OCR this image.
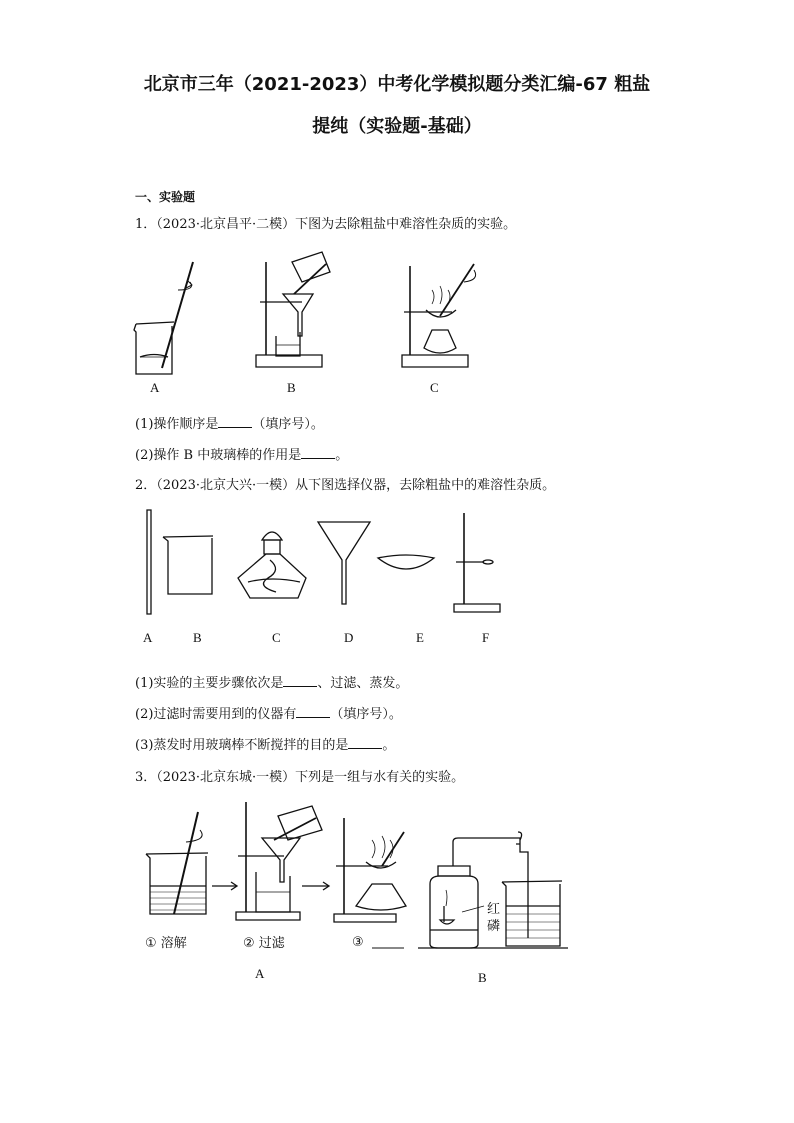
北京市三年（2021-2023）中考化学模拟题分类汇编-67 粗盐
提纯（实验题-基础）
一、实验题
1．（2023·北京昌平·二模）下图为去除粗盐中难溶性杂质的实验。
A	B	C
(1)操作顺序是	（填序号）。
(2)操作 B 中玻璃棒的作用是	。
2．（2023·北京大兴·一模）从下图选择仪器，去除粗盐中的难溶性杂质。
A	B	C	D	E	F
(1)实验的主要步骤依次是	、过滤、蒸发。
(2)过滤时需要用到的仪器有	（填序号）。
(3)蒸发时用玻璃棒不断搅拌的目的是	。
3．（2023·北京东城·一模）下列是一组与水有关的实验。
① 溶解	② 过滤	③
红
磷
A	B
